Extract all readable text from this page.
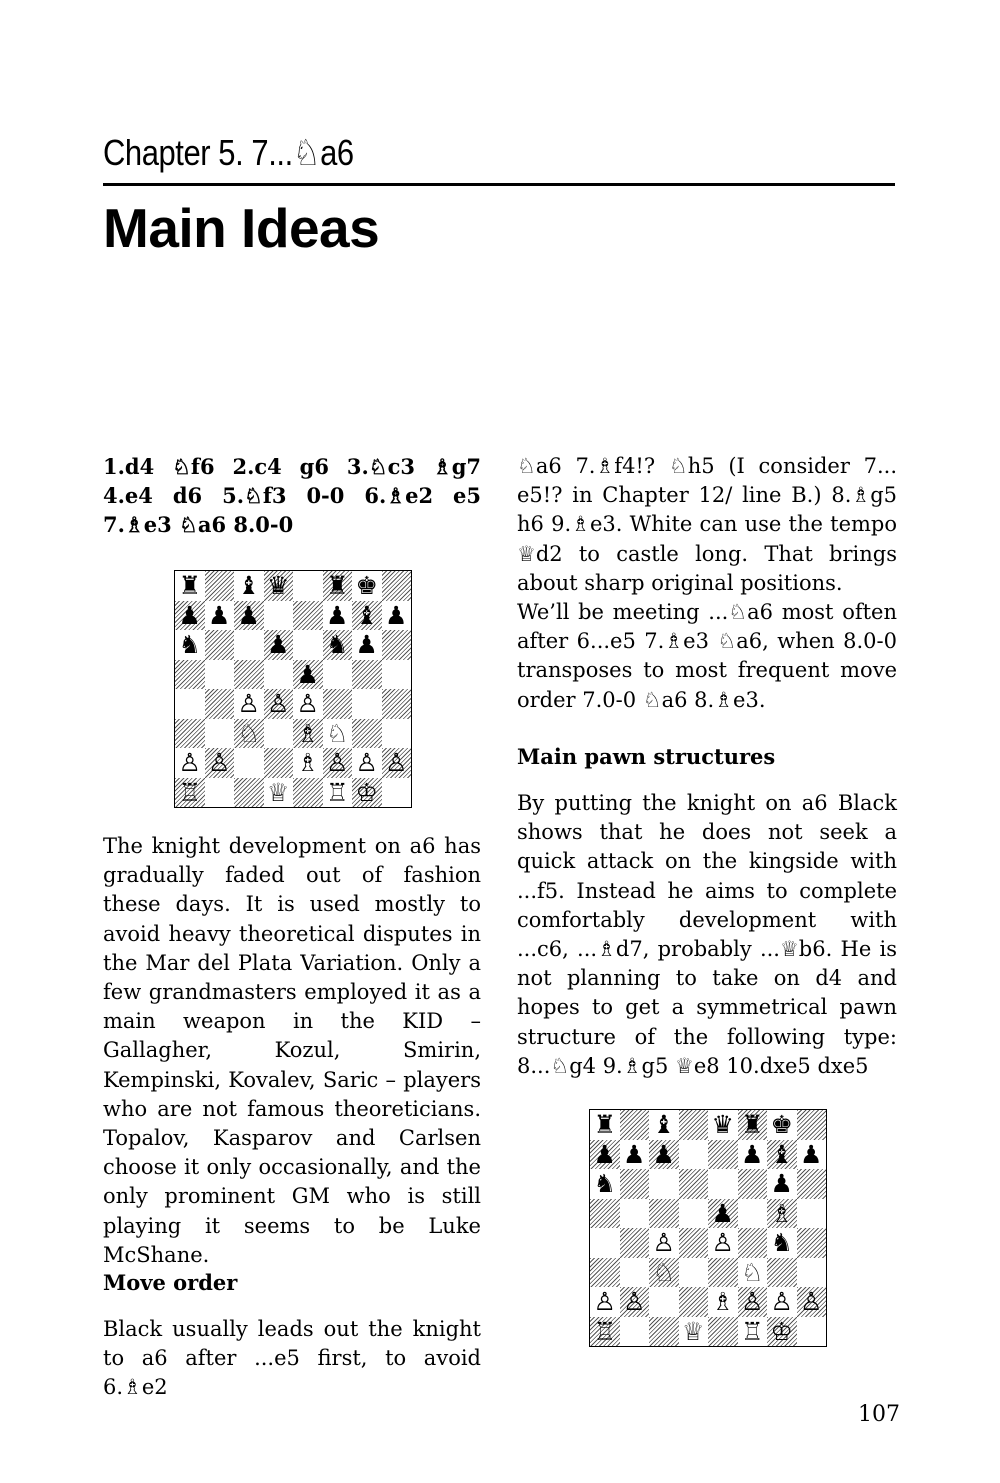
Chapter 5. 7...♘a6
Main Ideas

1.d4 ♘f6 2.c4 g6 3.♘c3 ♗g7 4.e4 d6 5.♘f3 0-0 6.♗e2 e5 7.♗e3 ♘a6 8.0-0

♜ ♝ ♛ ♜ ♚
♟ ♟ ♟	♟ ♝ ♟
♞	♟ ♞ ♟
♟
♙ ♙ ♙
♘ ♗ ♘
♙ ♙	♗ ♙ ♙ ♙
♖	♕ ♖ ♔

The knight development on a6 has gradually faded out of fashion these days. It is used mostly to avoid heavy theoretical disputes in the Mar del Plata Variation. Only a few grandmasters employed it as a main weapon in the KID – Gallagher, Kozul, Smirin, Kempinski, Kovalev, Saric – players who are not famous theoreticians. Topalov, Kasparov and Carlsen choose it only occasionally, and the only prominent GM who is still playing it seems to be Luke McShane.

Move order

Black usually leads out the knight to a6 after ...e5 first, to avoid 6.♗e2

♘a6 7.♗f4!? ♘h5 (I consider 7... e5!? in Chapter 12/ line B.) 8.♗g5 h6 9.♗e3. White can use the tempo ♕d2 to castle long. That brings about sharp original positions.

We’ll be meeting ...♘a6 most often after 6...e5 7.♗e3 ♘a6, when 8.0-0 transposes to most frequent move order 7.0-0 ♘a6 8.♗e3.

Main pawn structures

By putting the knight on a6 Black shows that he does not seek a quick attack on the kingside with ...f5. Instead he aims to complete comfortably development with ...c6, ...♗d7, probably ...♕b6. He is not planning to take on d4 and hopes to get a symmetrical pawn structure of the following type: 8...♘g4 9.♗g5 ♕e8 10.dxe5 dxe5

♜ ♝ ♛ ♜ ♚
♟ ♟ ♟	♟ ♝ ♟
♞	♟
♟ ♗
♙ ♙ ♞
♘	♘
♙ ♙	♗ ♙ ♙ ♙
♖	♕ ♖ ♔
107
